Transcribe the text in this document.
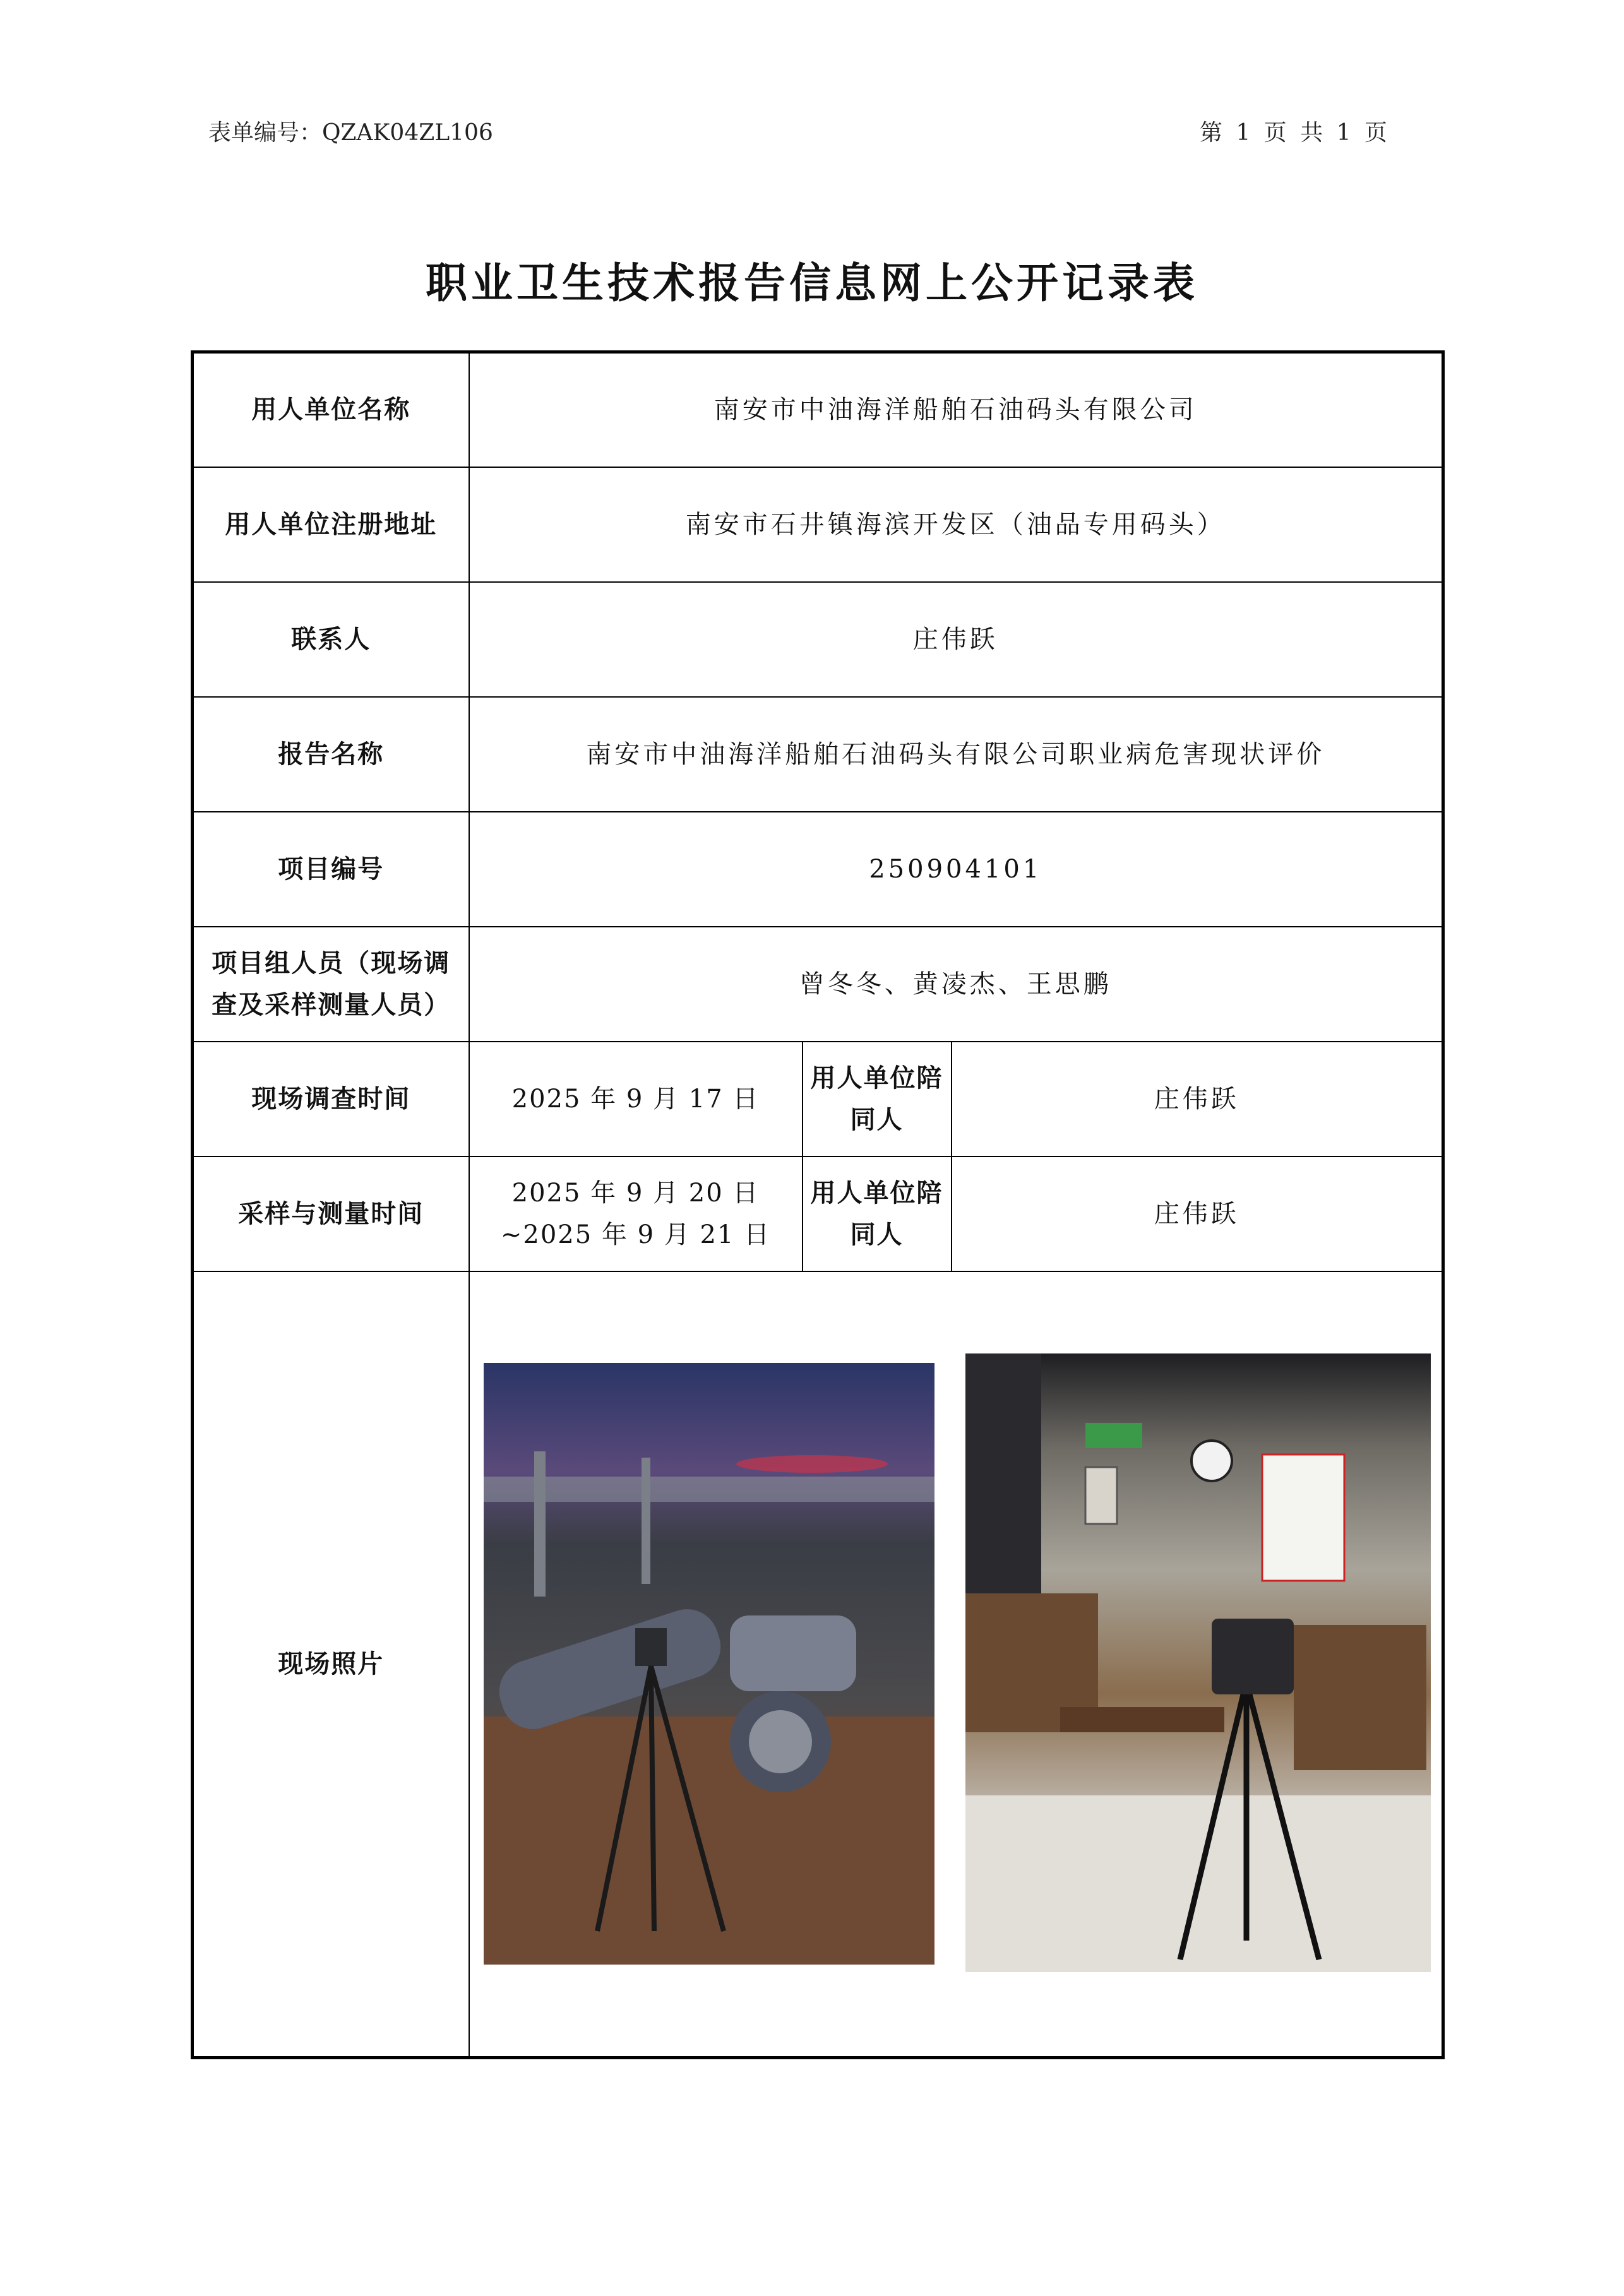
表单编号：QZAK04ZL106	第 1 页 共 1 页
职业卫生技术报告信息网上公开记录表
用人单位名称	南安市中油海洋船舶石油码头有限公司		
用人单位注册地址	南安市石井镇海滨开发区（油品专用码头）		
联系人	庄伟跃		
报告名称	南安市中油海洋船舶石油码头有限公司职业病危害现状评价		
项目编号	250904101		
项目组人员（现场调查及采样测量人员）	曾冬冬、黄凌杰、王思鹏		
现场调查时间	2025 年 9 月 17 日	用人单位陪同人	庄伟跃
采样与测量时间	2025 年 9 月 20 日~2025 年 9 月 21 日	用人单位陪同人	庄伟跃
现场照片	
